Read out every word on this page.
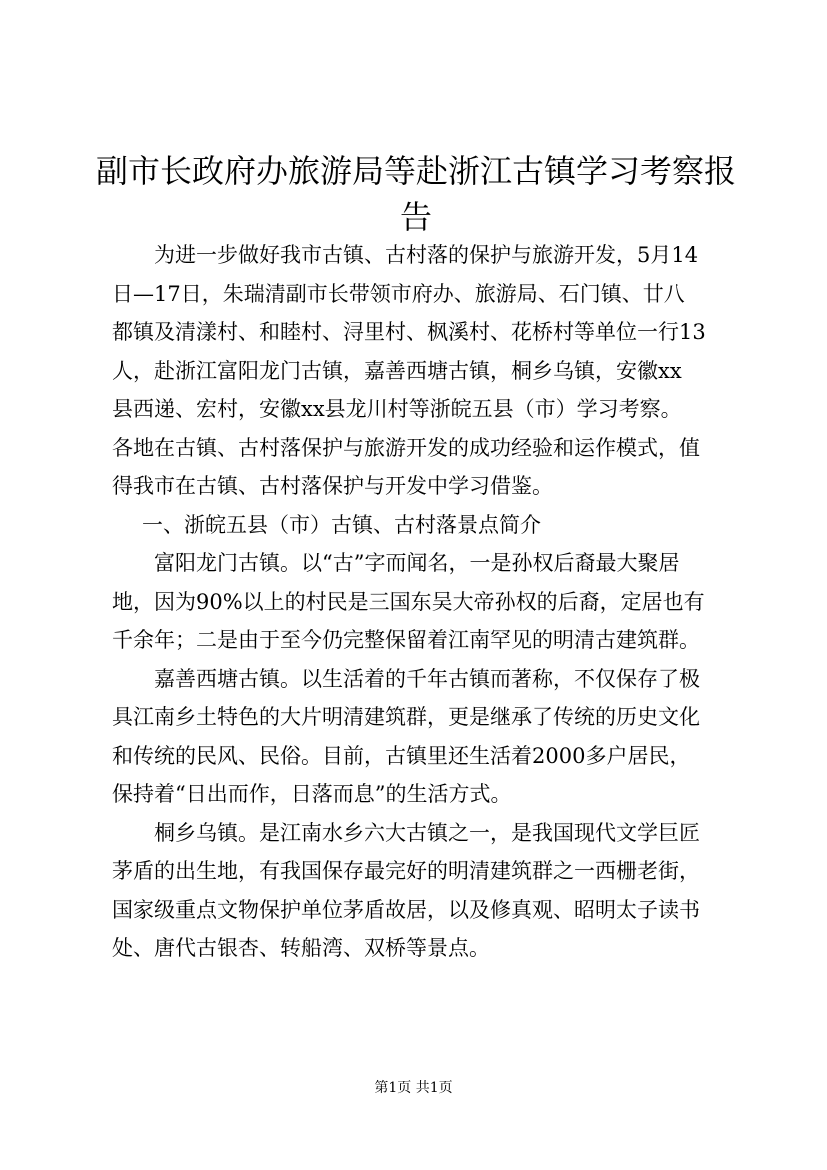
副市长政府办旅游局等赴浙江古镇学习考察报
告

为进一步做好我市古镇、古村落的保护与旅游开发，5月14
日—17日，朱瑞清副市长带领市府办、旅游局、石门镇、廿八
都镇及清漾村、和睦村、浔里村、枫溪村、花桥村等单位一行13
人，赴浙江富阳龙门古镇，嘉善西塘古镇，桐乡乌镇，安徽xx
县西递、宏村，安徽xx县龙川村等浙皖五县（市）学习考察。
各地在古镇、古村落保护与旅游开发的成功经验和运作模式，值
得我市在古镇、古村落保护与开发中学习借鉴。

一、浙皖五县（市）古镇、古村落景点简介

富阳龙门古镇。以“古”字而闻名，一是孙权后裔最大聚居
地，因为90%以上的村民是三国东吴大帝孙权的后裔，定居也有
千余年；二是由于至今仍完整保留着江南罕见的明清古建筑群。

嘉善西塘古镇。以生活着的千年古镇而著称，不仅保存了极
具江南乡土特色的大片明清建筑群，更是继承了传统的历史文化
和传统的民风、民俗。目前，古镇里还生活着2000多户居民，
保持着“日出而作，日落而息”的生活方式。

桐乡乌镇。是江南水乡六大古镇之一，是我国现代文学巨匠
茅盾的出生地，有我国保存最完好的明清建筑群之一西栅老街，
国家级重点文物保护单位茅盾故居，以及修真观、昭明太子读书
处、唐代古银杏、转船湾、双桥等景点。

第1页 共1页
